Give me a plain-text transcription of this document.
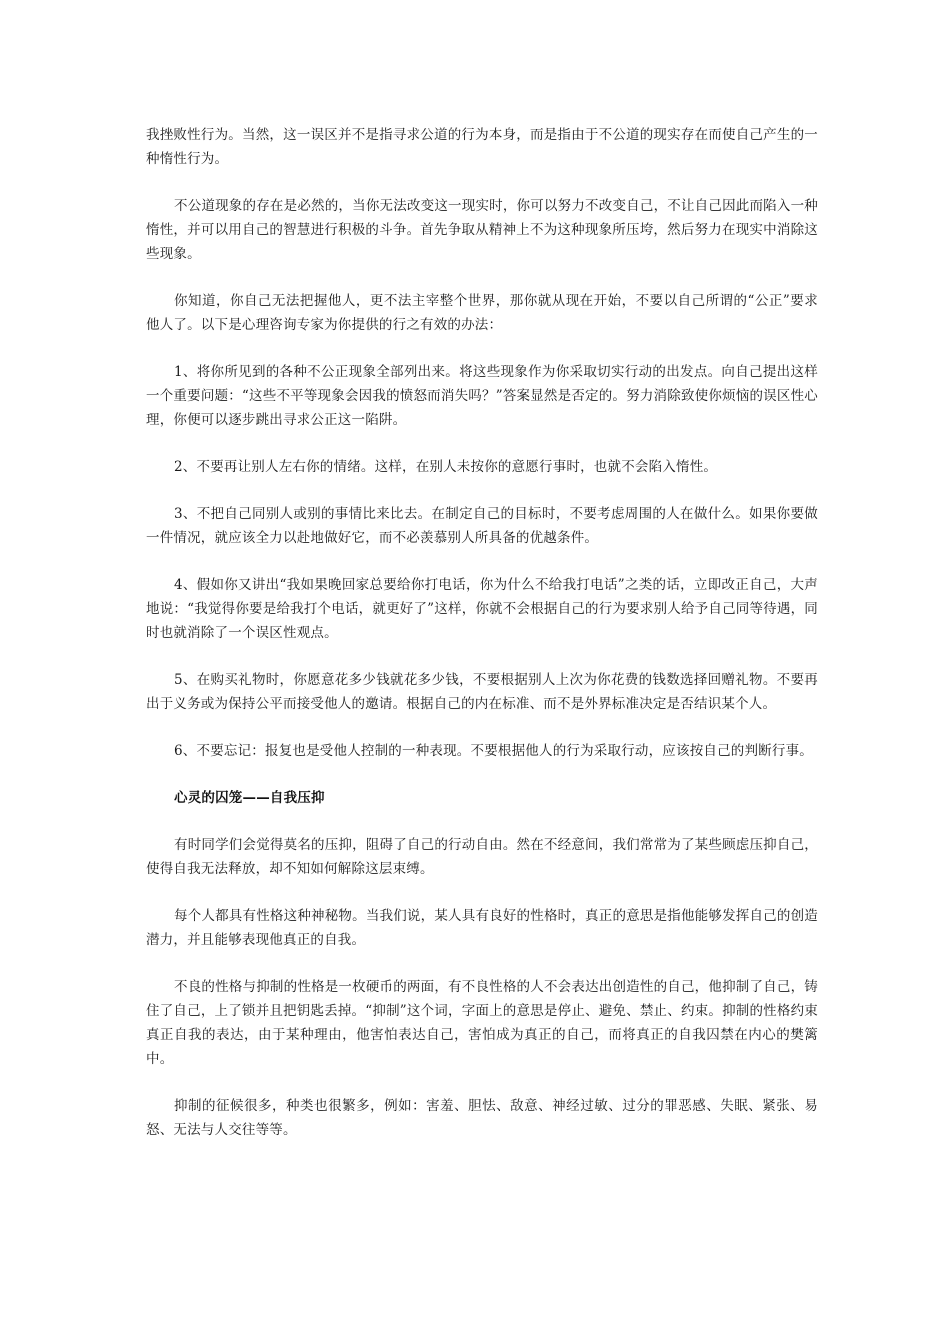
我挫败性行为。当然，这一误区并不是指寻求公道的行为本身，而是指由于不公道的现实存在而使自己产生的一种惰性行为。

不公道现象的存在是必然的，当你无法改变这一现实时，你可以努力不改变自己，不让自己因此而陷入一种惰性，并可以用自己的智慧进行积极的斗争。首先争取从精神上不为这种现象所压垮，然后努力在现实中消除这些现象。

你知道，你自己无法把握他人，更不法主宰整个世界，那你就从现在开始，不要以自己所谓的“公正”要求他人了。以下是心理咨询专家为你提供的行之有效的办法：

1、将你所见到的各种不公正现象全部列出来。将这些现象作为你采取切实行动的出发点。向自己提出这样一个重要问题：“这些不平等现象会因我的愤怒而消失吗？”答案显然是否定的。努力消除致使你烦恼的误区性心理，你便可以逐步跳出寻求公正这一陷阱。

2、不要再让别人左右你的情绪。这样，在别人未按你的意愿行事时，也就不会陷入惰性。

3、不把自己同别人或别的事情比来比去。在制定自己的目标时，不要考虑周围的人在做什么。如果你要做一件情况，就应该全力以赴地做好它，而不必羡慕别人所具备的优越条件。

4、假如你又讲出“我如果晚回家总要给你打电话，你为什么不给我打电话”之类的话，立即改正自己，大声地说：“我觉得你要是给我打个电话，就更好了”这样，你就不会根据自己的行为要求别人给予自己同等待遇，同时也就消除了一个误区性观点。

5、在购买礼物时，你愿意花多少钱就花多少钱，不要根据别人上次为你花费的钱数选择回赠礼物。不要再出于义务或为保持公平而接受他人的邀请。根据自己的内在标准、而不是外界标准决定是否结识某个人。

6、不要忘记：报复也是受他人控制的一种表现。不要根据他人的行为采取行动，应该按自己的判断行事。

心灵的囚笼——自我压抑

有时同学们会觉得莫名的压抑，阻碍了自己的行动自由。然在不经意间，我们常常为了某些顾虑压抑自己，使得自我无法释放，却不知如何解除这层束缚。

每个人都具有性格这种神秘物。当我们说，某人具有良好的性格时，真正的意思是指他能够发挥自己的创造潜力，并且能够表现他真正的自我。

不良的性格与抑制的性格是一枚硬币的两面，有不良性格的人不会表达出创造性的自己，他抑制了自己，铸住了自己，上了锁并且把钥匙丢掉。“抑制”这个词，字面上的意思是停止、避免、禁止、约束。抑制的性格约束真正自我的表达，由于某种理由，他害怕表达自己，害怕成为真正的自己，而将真正的自我囚禁在内心的樊篱中。

抑制的征候很多，种类也很繁多，例如：害羞、胆怯、敌意、神经过敏、过分的罪恶感、失眠、紧张、易怒、无法与人交往等等。
